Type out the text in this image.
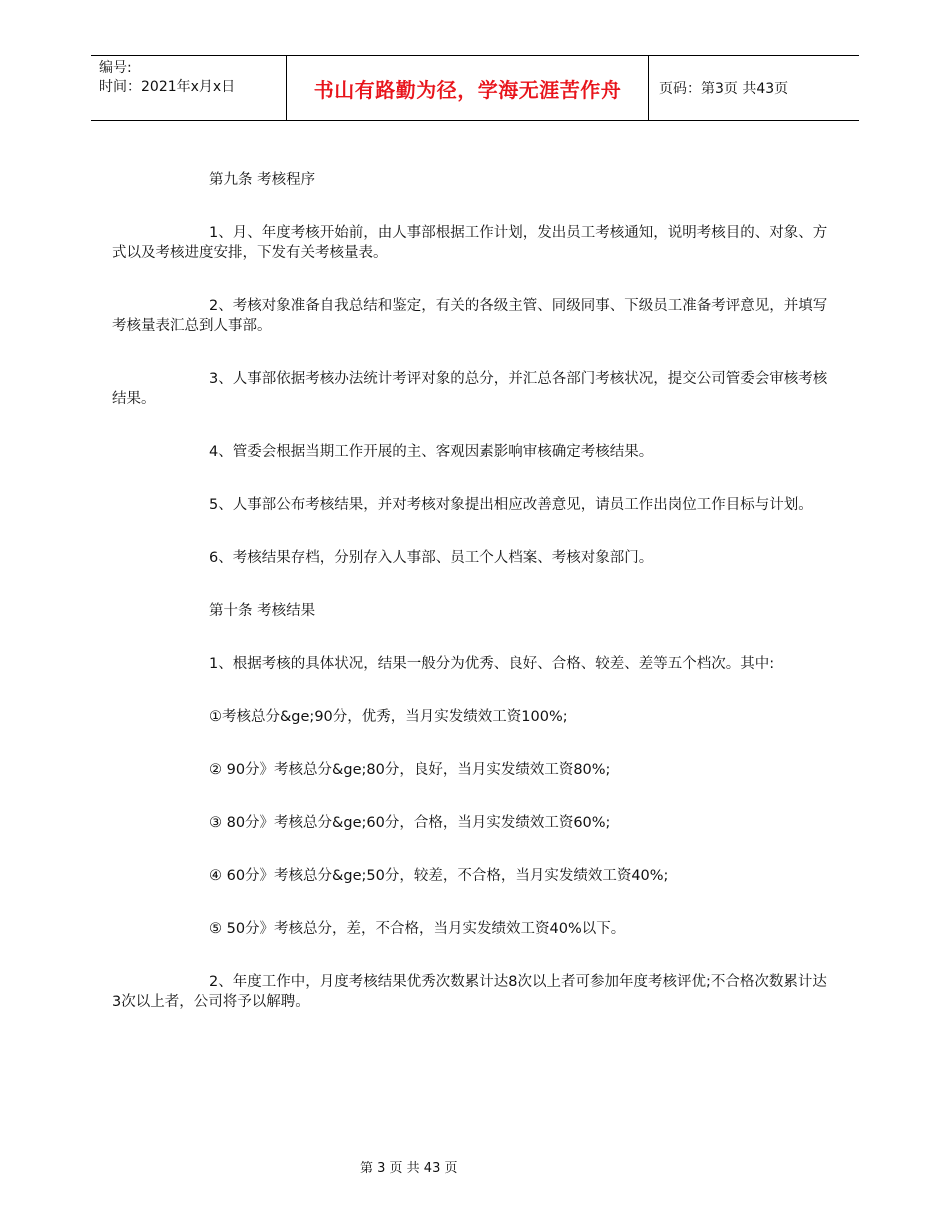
编号:
时间：2021年x月x日	书山有路勤为径，学海无涯苦作舟	页码：第3页 共43页

第九条 考核程序

1、月、年度考核开始前，由人事部根据工作计划，发出员工考核通知，说明考核目的、对象、方式以及考核进度安排，下发有关考核量表。

2、考核对象准备自我总结和鉴定，有关的各级主管、同级同事、下级员工准备考评意见，并填写考核量表汇总到人事部。

3、人事部依据考核办法统计考评对象的总分，并汇总各部门考核状况，提交公司管委会审核考核结果。

4、管委会根据当期工作开展的主、客观因素影响审核确定考核结果。

5、人事部公布考核结果，并对考核对象提出相应改善意见，请员工作出岗位工作目标与计划。

6、考核结果存档，分别存入人事部、员工个人档案、考核对象部门。

第十条 考核结果

1、根据考核的具体状况，结果一般分为优秀、良好、合格、较差、差等五个档次。其中:

①考核总分&ge;90分，优秀，当月实发绩效工资100%;

② 90分》考核总分&ge;80分，良好，当月实发绩效工资80%;

③ 80分》考核总分&ge;60分，合格，当月实发绩效工资60%;

④ 60分》考核总分&ge;50分，较差，不合格，当月实发绩效工资40%;

⑤ 50分》考核总分，差，不合格，当月实发绩效工资40%以下。

2、年度工作中，月度考核结果优秀次数累计达8次以上者可参加年度考核评优;不合格次数累计达3次以上者，公司将予以解聘。

第 3 页 共 43 页
